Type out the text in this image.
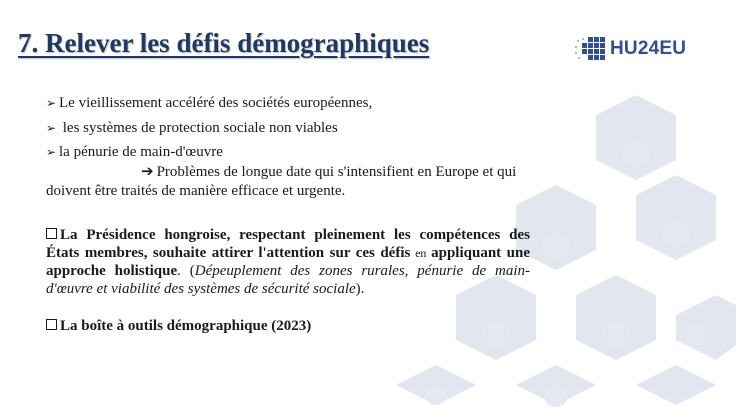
7. Relever les défis démographiques	HU24EU
➢ Le vieillissement accéléré des sociétés européennes,
➢ les systèmes de protection sociale non viables
➢ la pénurie de main-d'œuvre
➔ Problèmes de longue date qui s'intensifient en Europe et qui
doivent être traités de manière efficace et urgente.
La Présidence hongroise, respectant pleinement les compétences des États membres, souhaite attirer l'attention sur ces défis en appliquant une approche holistique. (Dépeuplement des zones rurales, pénurie de main-d'œuvre et viabilité des systèmes de sécurité sociale).
La boîte à outils démographique (2023)
